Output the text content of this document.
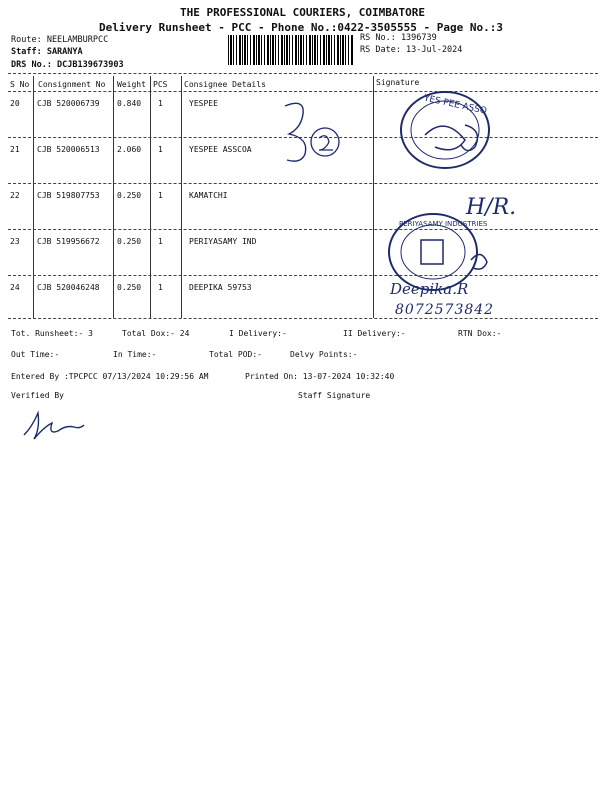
THE PROFESSIONAL COURIERS, COIMBATORE
Delivery Runsheet - PCC - Phone No.:0422-3505555 - Page No.:3
Route: NEELAMBURPCC
Staff: SARANYA
DRS No.: DCJB139673903
RS No.: 1396739
RS Date: 13-Jul-2024
S No Consignment No Weight PCS Consignee Details	Signature
20 CJB 520006739 0.840 1	YESPEE
21 CJB 520006513 2.060 1	YESPEE ASSCOA
22 CJB 519807753 0.250 1	KAMATCHI
23 CJB 519956672 0.250 1	PERIYASAMY IND
24 CJB 520046248 0.250 1	DEEPIKA 59753
Tot. Runsheet:- 3	Total Dox:- 24	I Delivery:-	II Delivery:-	RTN Dox:-
Out Time:-	In Time:-	Total POD:-	Delvy Points:-
Entered By :TPCPCC 07/13/2024 10:29:56 AM	Printed On: 13-07-2024 10:32:40
Verified By	Staff Signature
YES PEE ASSO
H/R.
PERIYASAMY INDUSTRIES
Deepika.R
8072573842
